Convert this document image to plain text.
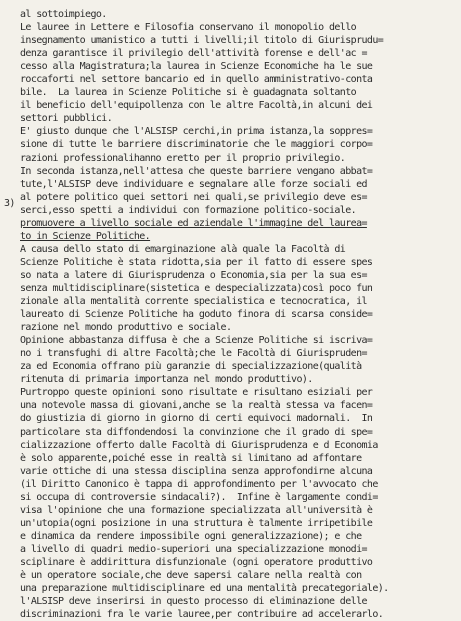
3)
al sottoimpiego.
Le lauree in Lettere e Filosofia conservano il monopolio dello
insegnamento umanistico a tutti i livelli;il titolo di Giurisprudu=
denza garantisce il privilegio dell'attività forense e dell'ac =
cesso alla Magistratura;la laurea in Scienze Economiche ha le sue
roccaforti nel settore bancario ed in quello amministrativo-conta
bile.  La laurea in Scienze Politiche si è guadagnata soltanto
il beneficio dell'equipollenza con le altre Facoltà,in alcuni dei
settori pubblici.
E' giusto dunque che l'ALSISP cerchi,in prima istanza,la soppres=
sione di tutte le barriere discriminatorie che le maggiori corpo=
razioni professionalihanno eretto per il proprio privilegio.
In seconda istanza,nell'attesa che queste barriere vengano abbat=
tute,l'ALSISP deve individuare e segnalare alle forze sociali ed
al potere politico quei settori nei quali,se privilegio deve es=
serci,esso spetti a individui con formazione politico-sociale.
promuovere a livello sociale ed aziendale l'immagine del laurea=
to in Scienze Politiche.
A causa dello stato di emarginazione alà quale la Facoltà di
Scienze Politiche è stata ridotta,sia per il fatto di essere spes
so nata a latere di Giurisprudenza o Economia,sia per la sua es=
senza multidisciplinare(sistetica e despecializzata)così poco fun
zionale alla mentalità corrente specialistica e tecnocratica, il
laureato di Scienze Politiche ha goduto finora di scarsa conside=
razione nel mondo produttivo e sociale.
Opinione abbastanza diffusa è che a Scienze Politiche si iscriva=
no i transfughi di altre Facoltà;che le Facoltà di Giurispruden=
za ed Economia offrano più garanzie di specializzazione(qualità
ritenuta di primaria importanza nel mondo produttivo).
Purtroppo queste opinioni sono risultate e risultano esiziali per
una notevole massa di giovani,anche se la realtà stessa va facen=
do giustizia di giorno in giorno di certi equivoci madornali.  In
particolare sta diffondendosi la convinzione che il grado di spe=
cializzazione offerto dalle Facoltà di Giurisprudenza e d Economia
è solo apparente,poiché esse in realtà si limitano ad affontare
varie ottiche di una stessa disciplina senza approfondirne alcuna
(il Diritto Canonico è tappa di approfondimento per l'avvocato che
si occupa di controversie sindacali?).  Infine è largamente condi=
visa l'opinione che una formazione specializzata all'università è
un'utopia(ogni posizione in una struttura è talmente irripetibile
e dinamica da rendere impossibile ogni generalizzazione); e che
a livello di quadri medio-superiori una specializzazione monodi=
sciplinare è addirittura disfunzionale (ogni operatore produttivo
è un operatore sociale,che deve sapersi calare nella realtà con
una preparazione multidisciplinare ed una mentalità precategoriale).
l'ALSISP deve inserirsi in questo processo di eliminazione delle
discriminazioni fra le varie lauree,per contribuire ad accelerarlo.
